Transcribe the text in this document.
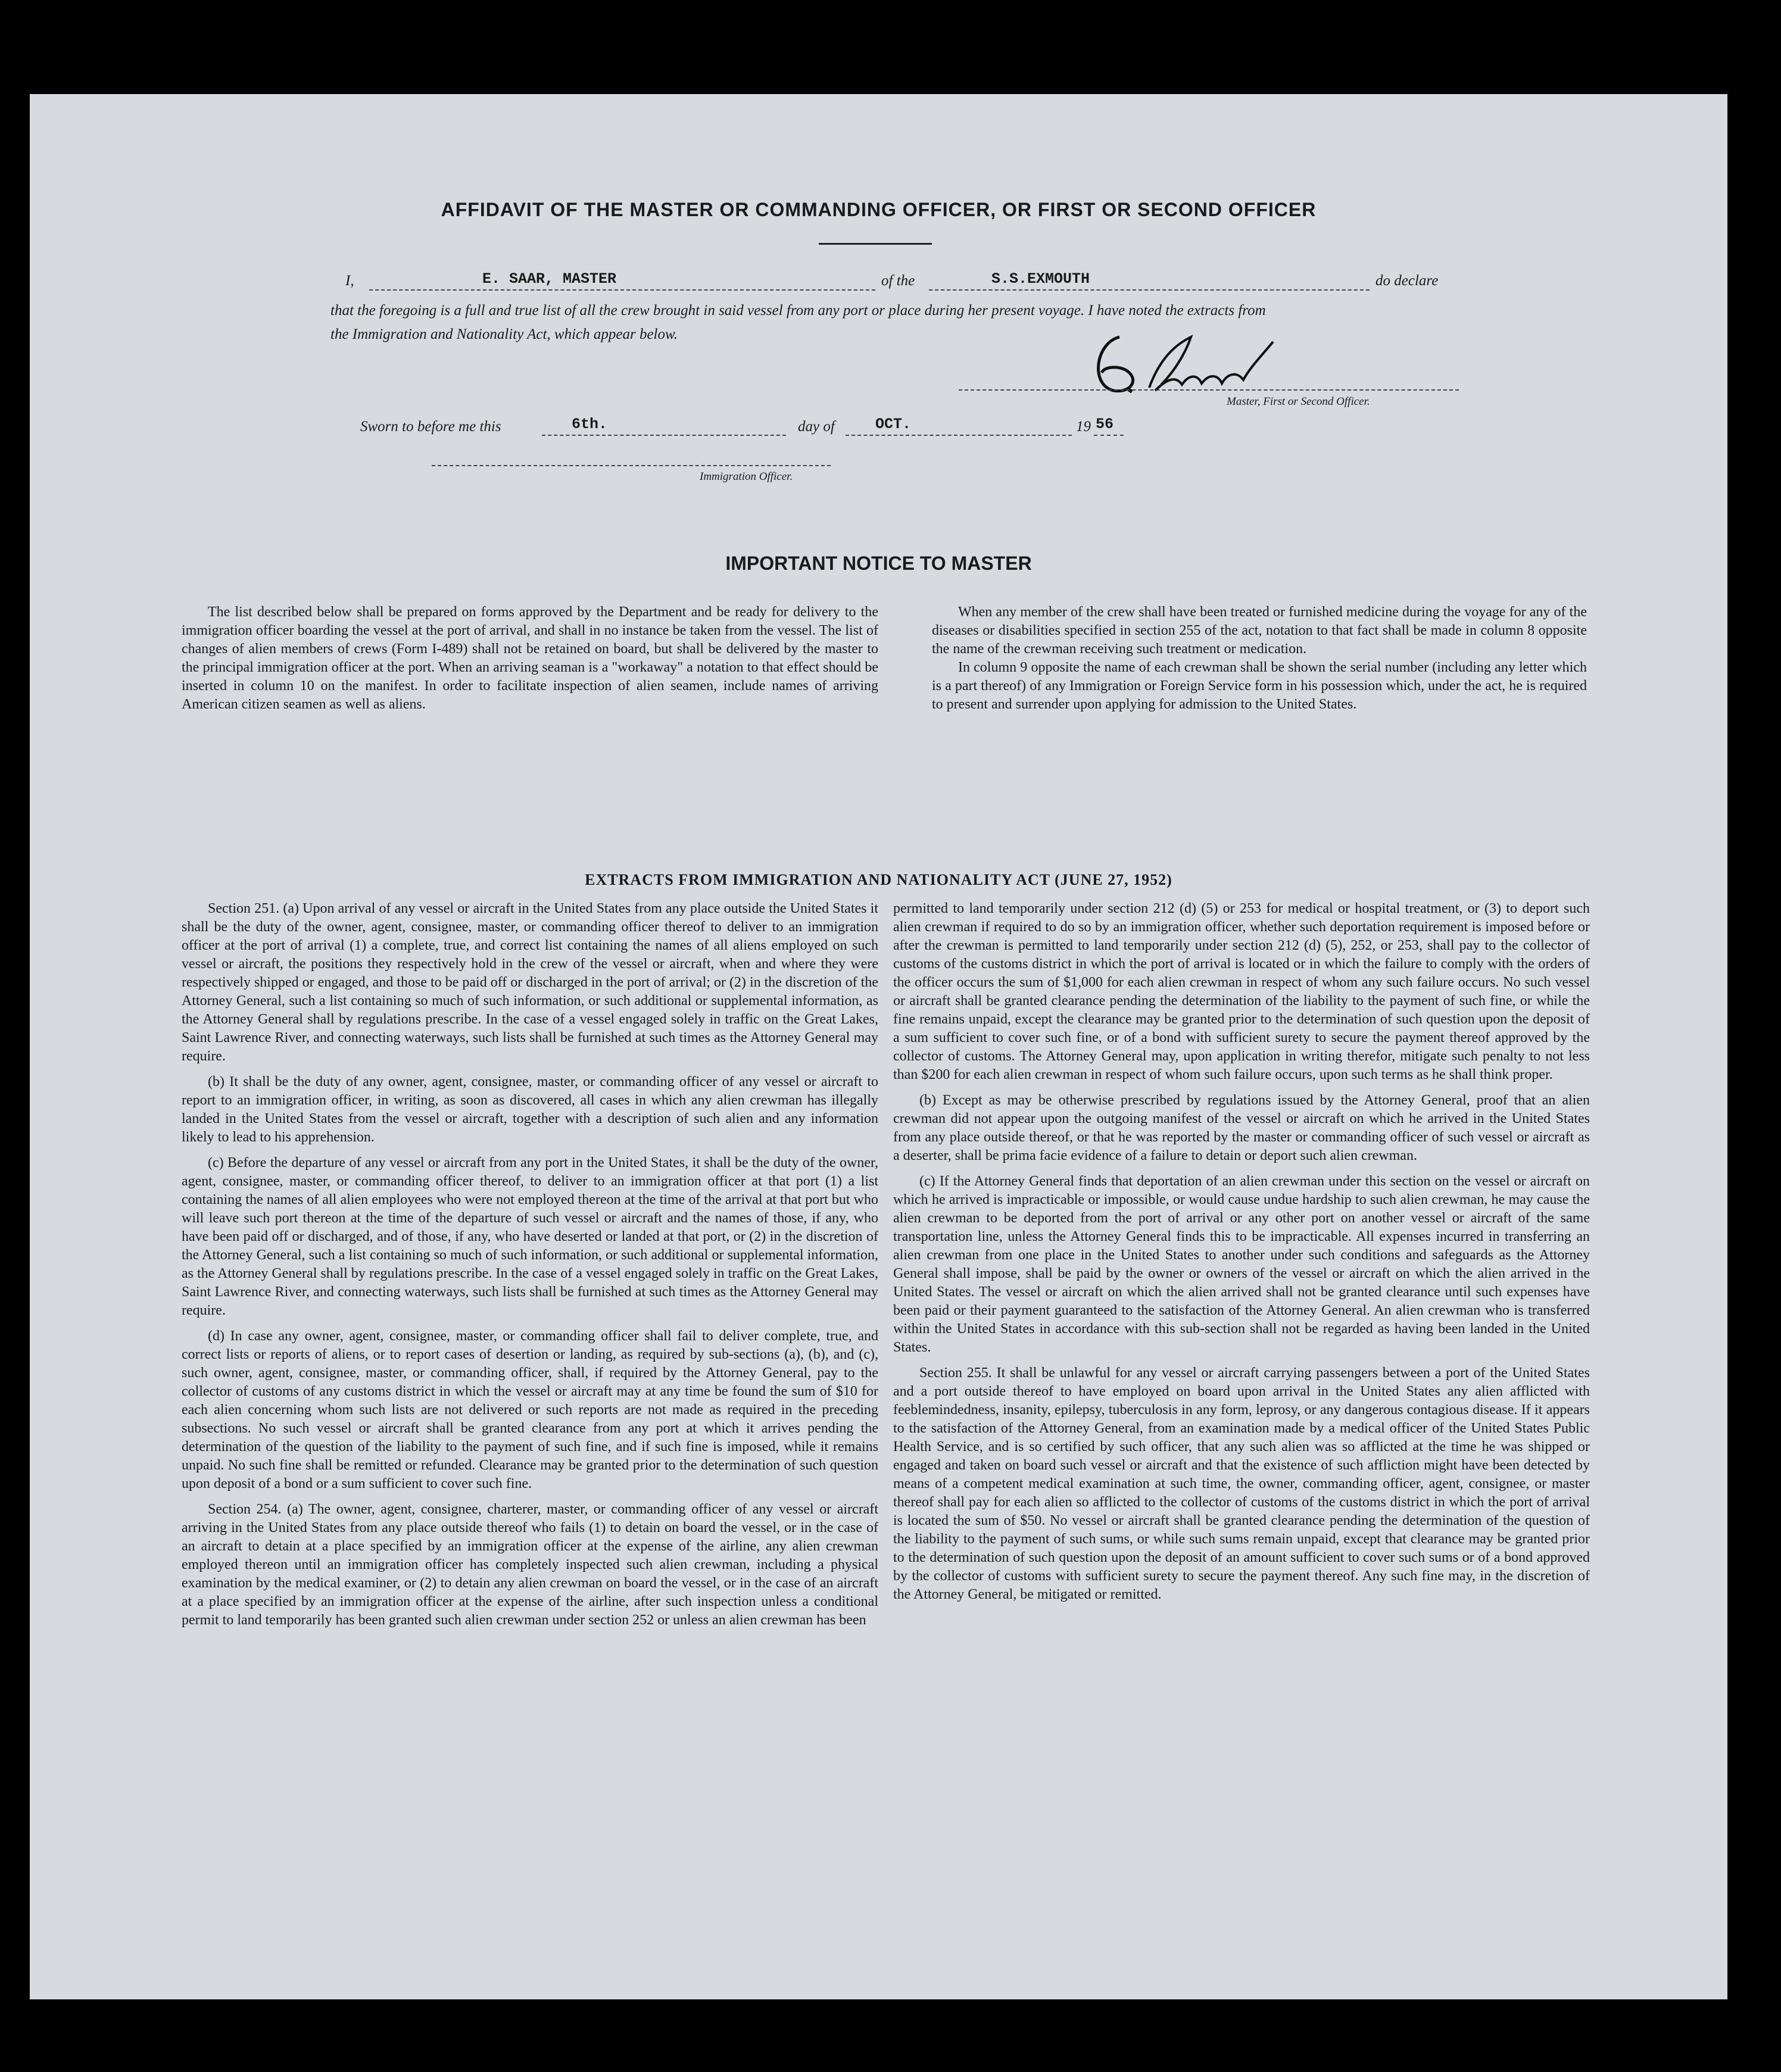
AFFIDAVIT OF THE MASTER OR COMMANDING OFFICER, OR FIRST OR SECOND OFFICER
I,	E. SAAR, MASTER	of the	S.S.EXMOUTH	do declare
that the foregoing is a full and true list of all the crew brought in said vessel from any port or place during her present voyage. I have noted the extracts from
the Immigration and Nationality Act, which appear below.
Master, First or Second Officer.
Sworn to before me this	6th.	day of	OCT.	19 56
Immigration Officer.
IMPORTANT NOTICE TO MASTER

The list described below shall be prepared on forms approved by the Department and be ready for delivery to the immigration officer boarding the vessel at the port of arrival, and shall in no instance be taken from the vessel. The list of changes of alien members of crews (Form I-489) shall not be retained on board, but shall be delivered by the master to the principal immigration officer at the port. When an arriving seaman is a "workaway" a notation to that effect should be inserted in column 10 on the manifest. In order to facilitate inspection of alien seamen, include names of arriving American citizen seamen as well as aliens.

When any member of the crew shall have been treated or furnished medicine during the voyage for any of the diseases or disabilities specified in section 255 of the act, notation to that fact shall be made in column 8 opposite the name of the crewman receiving such treatment or medication.

In column 9 opposite the name of each crewman shall be shown the serial number (including any letter which is a part thereof) of any Immigration or Foreign Service form in his possession which, under the act, he is required to present and surrender upon applying for admission to the United States.

EXTRACTS FROM IMMIGRATION AND NATIONALITY ACT (JUNE 27, 1952)

Section 251. (a) Upon arrival of any vessel or aircraft in the United States from any place outside the United States it shall be the duty of the owner, agent, consignee, master, or commanding officer thereof to deliver to an immigration officer at the port of arrival (1) a complete, true, and correct list containing the names of all aliens employed on such vessel or aircraft, the positions they respectively hold in the crew of the vessel or aircraft, when and where they were respectively shipped or engaged, and those to be paid off or discharged in the port of arrival; or (2) in the discretion of the Attorney General, such a list containing so much of such information, or such additional or supplemental information, as the Attorney General shall by regulations prescribe. In the case of a vessel engaged solely in traffic on the Great Lakes, Saint Lawrence River, and connecting waterways, such lists shall be furnished at such times as the Attorney General may require.

(b) It shall be the duty of any owner, agent, consignee, master, or commanding officer of any vessel or aircraft to report to an immigration officer, in writing, as soon as discovered, all cases in which any alien crewman has illegally landed in the United States from the vessel or aircraft, together with a description of such alien and any information likely to lead to his apprehension.

(c) Before the departure of any vessel or aircraft from any port in the United States, it shall be the duty of the owner, agent, consignee, master, or commanding officer thereof, to deliver to an immigration officer at that port (1) a list containing the names of all alien employees who were not employed thereon at the time of the arrival at that port but who will leave such port thereon at the time of the departure of such vessel or aircraft and the names of those, if any, who have been paid off or discharged, and of those, if any, who have deserted or landed at that port, or (2) in the discretion of the Attorney General, such a list containing so much of such information, or such additional or supplemental information, as the Attorney General shall by regulations prescribe. In the case of a vessel engaged solely in traffic on the Great Lakes, Saint Lawrence River, and connecting waterways, such lists shall be furnished at such times as the Attorney General may require.

(d) In case any owner, agent, consignee, master, or commanding officer shall fail to deliver complete, true, and correct lists or reports of aliens, or to report cases of desertion or landing, as required by sub-sections (a), (b), and (c), such owner, agent, consignee, master, or commanding officer, shall, if required by the Attorney General, pay to the collector of customs of any customs district in which the vessel or aircraft may at any time be found the sum of $10 for each alien concerning whom such lists are not delivered or such reports are not made as required in the preceding subsections. No such vessel or aircraft shall be granted clearance from any port at which it arrives pending the determination of the question of the liability to the payment of such fine, and if such fine is imposed, while it remains unpaid. No such fine shall be remitted or refunded. Clearance may be granted prior to the determination of such question upon deposit of a bond or a sum sufficient to cover such fine.

Section 254. (a) The owner, agent, consignee, charterer, master, or commanding officer of any vessel or aircraft arriving in the United States from any place outside thereof who fails (1) to detain on board the vessel, or in the case of an aircraft to detain at a place specified by an immigration officer at the expense of the airline, any alien crewman employed thereon until an immigration officer has completely inspected such alien crewman, including a physical examination by the medical examiner, or (2) to detain any alien crewman on board the vessel, or in the case of an aircraft at a place specified by an immigration officer at the expense of the airline, after such inspection unless a conditional permit to land temporarily has been granted such alien crewman under section 252 or unless an alien crewman has been

permitted to land temporarily under section 212 (d) (5) or 253 for medical or hospital treatment, or (3) to deport such alien crewman if required to do so by an immigration officer, whether such deportation requirement is imposed before or after the crewman is permitted to land temporarily under section 212 (d) (5), 252, or 253, shall pay to the collector of customs of the customs district in which the port of arrival is located or in which the failure to comply with the orders of the officer occurs the sum of $1,000 for each alien crewman in respect of whom any such failure occurs. No such vessel or aircraft shall be granted clearance pending the determination of the liability to the payment of such fine, or while the fine remains unpaid, except the clearance may be granted prior to the determination of such question upon the deposit of a sum sufficient to cover such fine, or of a bond with sufficient surety to secure the payment thereof approved by the collector of customs. The Attorney General may, upon application in writing therefor, mitigate such penalty to not less than $200 for each alien crewman in respect of whom such failure occurs, upon such terms as he shall think proper.

(b) Except as may be otherwise prescribed by regulations issued by the Attorney General, proof that an alien crewman did not appear upon the outgoing manifest of the vessel or aircraft on which he arrived in the United States from any place outside thereof, or that he was reported by the master or commanding officer of such vessel or aircraft as a deserter, shall be prima facie evidence of a failure to detain or deport such alien crewman.

(c) If the Attorney General finds that deportation of an alien crewman under this section on the vessel or aircraft on which he arrived is impracticable or impossible, or would cause undue hardship to such alien crewman, he may cause the alien crewman to be deported from the port of arrival or any other port on another vessel or aircraft of the same transportation line, unless the Attorney General finds this to be impracticable. All expenses incurred in transferring an alien crewman from one place in the United States to another under such conditions and safeguards as the Attorney General shall impose, shall be paid by the owner or owners of the vessel or aircraft on which the alien arrived in the United States. The vessel or aircraft on which the alien arrived shall not be granted clearance until such expenses have been paid or their payment guaranteed to the satisfaction of the Attorney General. An alien crewman who is transferred within the United States in accordance with this sub-section shall not be regarded as having been landed in the United States.

Section 255. It shall be unlawful for any vessel or aircraft carrying passengers between a port of the United States and a port outside thereof to have employed on board upon arrival in the United States any alien afflicted with feeblemindedness, insanity, epilepsy, tuberculosis in any form, leprosy, or any dangerous contagious disease. If it appears to the satisfaction of the Attorney General, from an examination made by a medical officer of the United States Public Health Service, and is so certified by such officer, that any such alien was so afflicted at the time he was shipped or engaged and taken on board such vessel or aircraft and that the existence of such affliction might have been detected by means of a competent medical examination at such time, the owner, commanding officer, agent, consignee, or master thereof shall pay for each alien so afflicted to the collector of customs of the customs district in which the port of arrival is located the sum of $50. No vessel or aircraft shall be granted clearance pending the determination of the question of the liability to the payment of such sums, or while such sums remain unpaid, except that clearance may be granted prior to the determination of such question upon the deposit of an amount sufficient to cover such sums or of a bond approved by the collector of customs with sufficient surety to secure the payment thereof. Any such fine may, in the discretion of the Attorney General, be mitigated or remitted.
